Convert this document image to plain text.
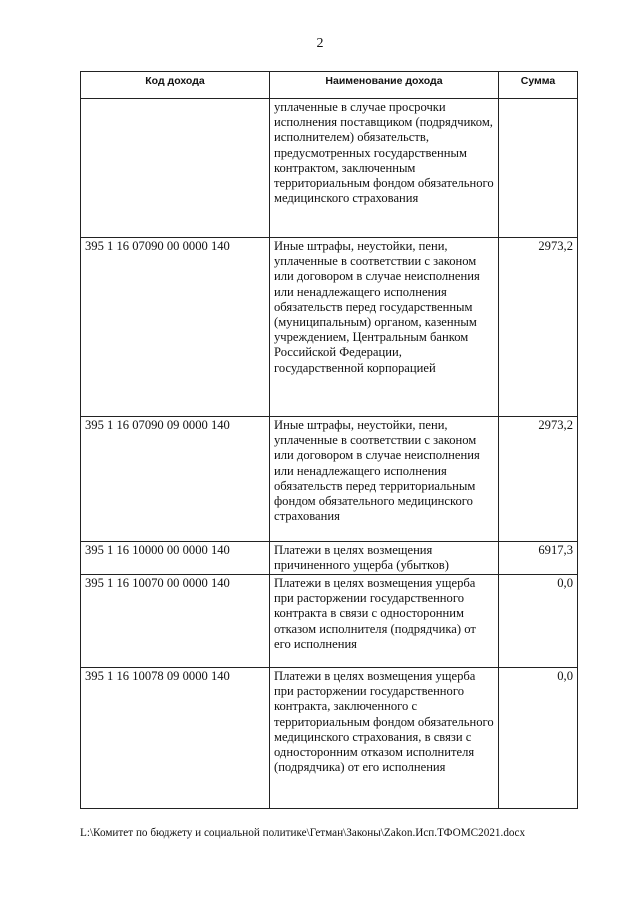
2
Код дохода	Наименование дохода	Сумма
	уплаченные в случае просрочки исполнения поставщиком (подрядчиком, исполнителем) обязательств, предусмотренных государственным контрактом, заключенным территориальным фондом обязательного медицинского страхования	
395 1 16 07090 00 0000 140	Иные штрафы, неустойки, пени, уплаченные в соответствии с законом или договором в случае неисполнения или ненадлежащего исполнения обязательств перед государственным (муниципальным) органом, казенным учреждением, Центральным банком Российской Федерации, государственной корпорацией	2973,2
395 1 16 07090 09 0000 140	Иные штрафы, неустойки, пени, уплаченные в соответствии с законом или договором в случае неисполнения или ненадлежащего исполнения обязательств перед территориальным фондом обязательного медицинского страхования	2973,2
395 1 16 10000 00 0000 140	Платежи в целях возмещения причиненного ущерба (убытков)	6917,3
395 1 16 10070 00 0000 140	Платежи в целях возмещения ущерба при расторжении государственного контракта в связи с односторонним отказом исполнителя (подрядчика) от его исполнения	0,0
395 1 16 10078 09 0000 140	Платежи в целях возмещения ущерба при расторжении государственного контракта, заключенного с территориальным фондом обязательного медицинского страхования, в связи с односторонним отказом исполнителя (подрядчика) от его исполнения	0,0
L:\Комитет по бюджету и социальной политике\Гетман\Законы\Zakon.Исп.ТФОМС2021.docx
